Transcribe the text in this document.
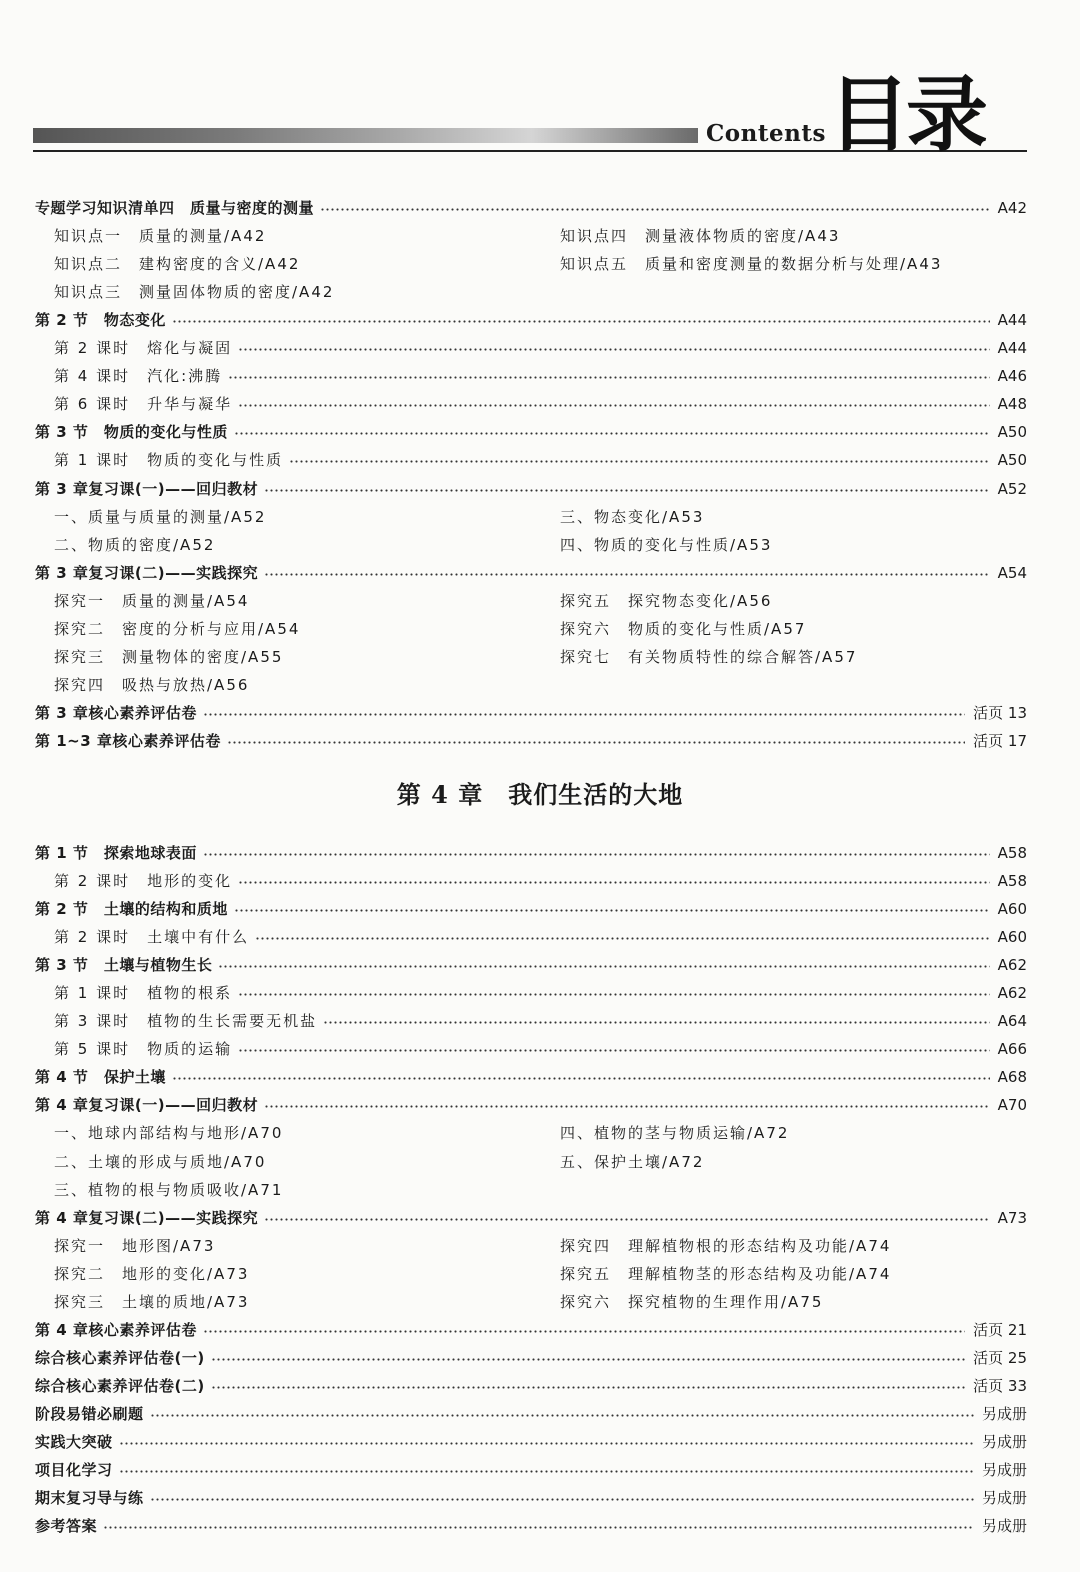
Contents 目录
专题学习知识清单四　质量与密度的测量	A42
知识点一　质量的测量/A42
知识点二　建构密度的含义/A42
知识点三　测量固体物质的密度/A42
知识点四　测量液体物质的密度/A43
知识点五　质量和密度测量的数据分析与处理/A43
第 2 节　物态变化	A44
第 2 课时　熔化与凝固	A44
第 4 课时　汽化:沸腾	A46
第 6 课时　升华与凝华	A48
第 3 节　物质的变化与性质	A50
第 1 课时　物质的变化与性质	A50
第 3 章复习课(一)——回归教材	A52
一、质量与质量的测量/A52
二、物质的密度/A52
三、物态变化/A53
四、物质的变化与性质/A53
第 3 章复习课(二)——实践探究	A54
探究一　质量的测量/A54
探究二　密度的分析与应用/A54
探究三　测量物体的密度/A55
探究四　吸热与放热/A56
探究五　探究物态变化/A56
探究六　物质的变化与性质/A57
探究七　有关物质特性的综合解答/A57
第 3 章核心素养评估卷	活页 13
第 1~3 章核心素养评估卷	活页 17
第 4 章　我们生活的大地
第 1 节　探索地球表面	A58
第 2 课时　地形的变化	A58
第 2 节　土壤的结构和质地	A60
第 2 课时　土壤中有什么	A60
第 3 节　土壤与植物生长	A62
第 1 课时　植物的根系	A62
第 3 课时　植物的生长需要无机盐	A64
第 5 课时　物质的运输	A66
第 4 节　保护土壤	A68
第 4 章复习课(一)——回归教材	A70
一、地球内部结构与地形/A70
二、土壤的形成与质地/A70
三、植物的根与物质吸收/A71
四、植物的茎与物质运输/A72
五、保护土壤/A72
第 4 章复习课(二)——实践探究	A73
探究一　地形图/A73
探究二　地形的变化/A73
探究三　土壤的质地/A73
探究四　理解植物根的形态结构及功能/A74
探究五　理解植物茎的形态结构及功能/A74
探究六　探究植物的生理作用/A75
第 4 章核心素养评估卷	活页 21
综合核心素养评估卷(一)	活页 25
综合核心素养评估卷(二)	活页 33
阶段易错必刷题	另成册
实践大突破	另成册
项目化学习	另成册
期末复习导与练	另成册
参考答案	另成册
